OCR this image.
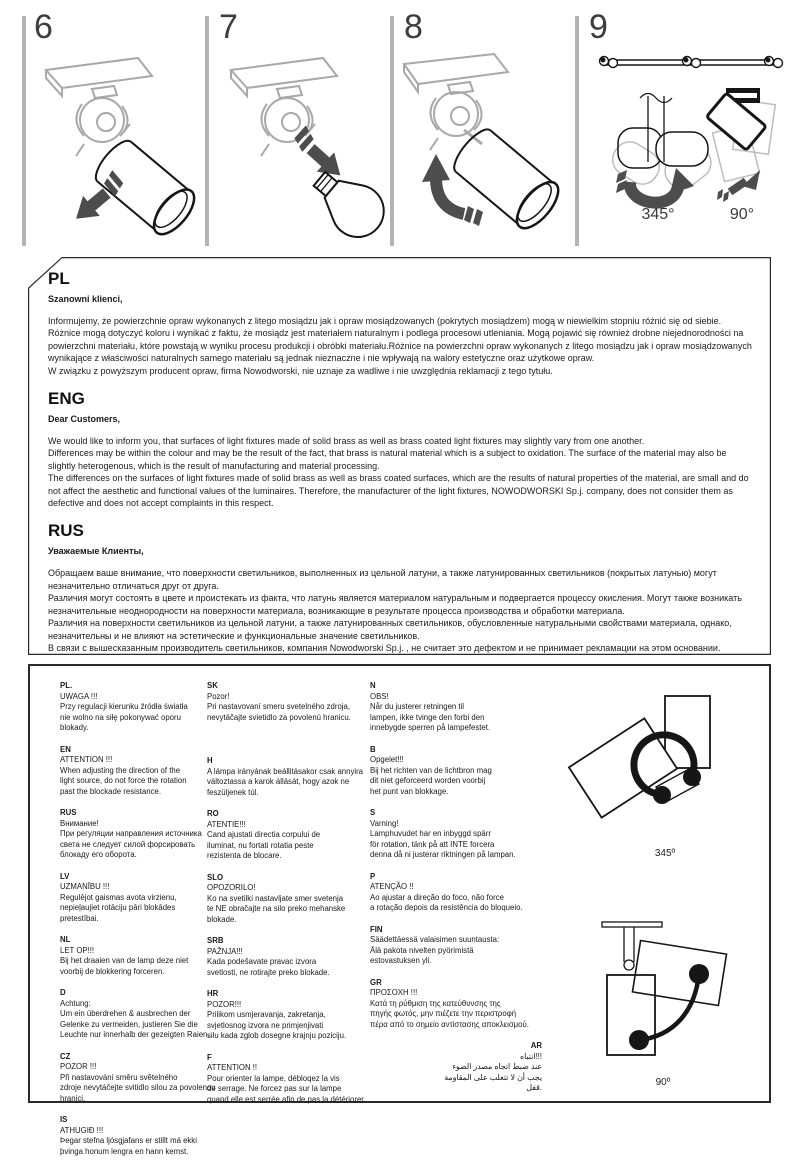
6	7	8	9
345°	90°
PL
Szanowni klienci,
Informujemy, że powierzchnie opraw wykonanych z litego mosiądzu jak i opraw mosiądzowanych (pokrytych mosiądzem) mogą w niewielkim stopniu różnić się od siebie.
Różnice mogą dotyczyć koloru i wynikać z faktu, że mosiądz jest materiałem naturalnym i podlega procesowi utleniania. Mogą pojawić się również drobne niejednorodności na powierzchni materiału, które powstają w wyniku procesu produkcji i obróbki materiału.Różnice na powierzchni opraw wykonanych z litego mosiądzu jak i opraw mosiądzowanych wynikające z właściwości naturalnych samego materiału są jednak nieznaczne i nie wpływają na walory estetyczne oraz użytkowe opraw.
W związku z powyższym producent opraw, firma Nowodworski, nie uznaje za wadliwe i nie uwzględnia reklamacji z tego tytułu.
ENG
Dear Customers,
We would like to inform you, that surfaces of light fixtures made of solid brass as well as brass coated light fixtures may slightly vary from one another.
Differences may be within the colour and may be the result of the fact, that brass is natural material which is a subject to oxidation. The surface of the material may also be slightly heterogenous, which is the result of manufacturing and material processing.
The differences on the surfaces of light fixtures made of solid brass as well as brass coated surfaces, which are the results of natural properties of the material, are small and do not affect the aesthetic and functional values of the luminaires. Therefore, the manufacturer of the light fixtures, NOWODWORSKI Sp.j. company, does not consider them as defective and does not accept complaints in this respect.
RUS
Уважаемые Клиенты,
Обращаем ваше внимание, что поверхности светильников, выполненных из цельной латуни, а также латунированных светильников (покрытых латунью) могут незначительно отличаться друг от друга.
Различия могут состоять в цвете и проистекать из факта, что латунь является материалом натуральным и подвергается процессу окисления. Могут также возникать незначительные неоднородности на поверхности материала, возникающие в результате процесса производства и обработки материала.
Различия на поверхности светильников из цельной латуни, а также латунированных светильников, обусловленные натуральными свойствами материала, однако, незначительны и не влияют на эстетические и функциональные значение светильников.
В связи с вышесказанным производитель светильников, компания Nowodworski Sp.j. , не считает это дефектом и не принимает рекламации на этом основании.
PL.
UWAGA !!!
Przy regulacji kierunku źródła światła
nie wolno na siłę pokonywać oporu
blokady.
EN
ATTENTION !!!
When adjusting the direction of the
light source, do not force the rotation
past the blockade resistance.
RUS
Внимание!
При регуляции направления источника
света не следует силой форсировать
блокаду его оборота.
LV
UZMANĪBU !!!
Regulējot gaismas avota virzienu,
nepieļaujiet rotāciju pāri blokādes
pretestībai.
NL
LET OP!!!
Bij het draaien van de lamp deze niet
voorbij de blokkering forceren.
D
Achtung:
Um ein überdrehen & ausbrechen der
Gelenke zu vermeiden, justieren Sie die
Leuchte nur innerhalb der gezeigten Raien.
CZ
POZOR !!!
Při nastavování směru světelného
zdroje nevytáčejte svitidlo silou za povolenou
hranici.
IS
ATHUGIÐ !!!
Þegar stefna ljósgjafans er stillt má ekki
þvinga honum lengra en hann kemst.
SK
Pozor!
Pri nastavovaní smeru svetelného zdroja,
nevytáčajte svietidlo za povolenú hranicu.
H
A lámpa irányának beállitásakor csak annyira
változtassa a karok állását, hogy azok ne
feszüljenek túl.
RO
ATENTIE!!!
Cand ajustati directia corpului de
iluminat, nu fortati rotatia peste
rezistenta de blocare.
SLO
OPOZORILO!
Ko na svetilki nastavljate smer svetenja
te NE obračajte na silo preko mehanske
blokade.
SRB
PAŽNJA!!!
Kada podešavate pravac izvora
svetlosti, ne rotirajte preko blokade.
HR
POZOR!!!
Prilikom usmjeravanja, zakretanja,
svjetlosnog izvora ne primjenjivati
silu kada zglob dosegne krajnju poziciju.
F
ATTENTION !!
Pour orienter la lampe, débloqez la vis
de serrage. Ne forcez pas sur la lampe
quand elle est serrée afin de pas la détériorer.
N
OBS!
Når du justerer retningen til
lampen, ikke tvinge den forbi den
innebygde sperren på lampefestet.
B
Opgelet!!!
Bij het richten van de lichtbron mag
dit niet geforceerd worden voorbij
het punt van blokkage.
S
Varning!
Lamphuvudet har en inbyggd spärr
för rotation, tänk på att INTE forcera
denna då ni justerar riktningen på lampan.
P
ATENÇÃO !!
Ao ajustar a direção do foco, não force
a rotação depois da resistência do bloqueio.
FIN
Säädettäessä valaisimen suuntausta:
Älä pakota nivelten pyörimistä
estovastuksen yli.
GR
ΠΡΟΣΟΧΗ !!!
Κατά τη ρύθμιση της κατεύθυνσης της
πηγής φωτός, μην πιέζετε την περιστροφή
πέρα από το σημείο αντίστασης αποκλεισμού.
AR
!!!انتباه
عند ضبط اتجاه مصدر الضوء
يجب أن لا تتغلب على المقاومة
.قفل
345º
90º
